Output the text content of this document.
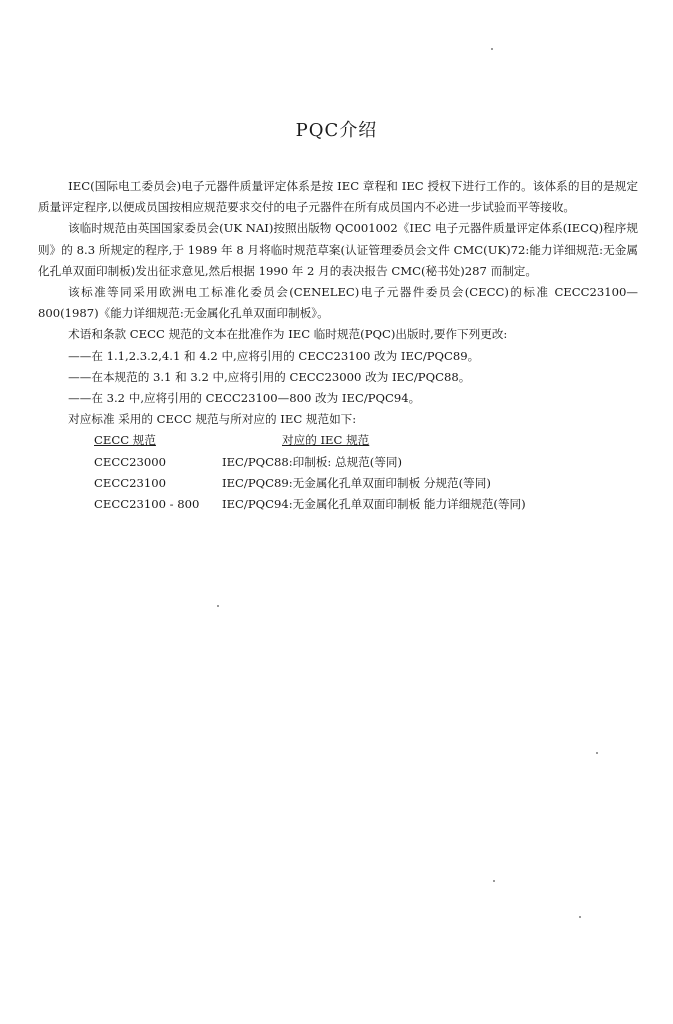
PQC介绍

IEC(国际电工委员会)电子元器件质量评定体系是按 IEC 章程和 IEC 授权下进行工作的。该体系的目的是规定质量评定程序,以便成员国按相应规范要求交付的电子元器件在所有成员国内不必进一步试验而平等接收。

该临时规范由英国国家委员会(UK NAI)按照出版物 QC001002《IEC 电子元器件质量评定体系(IECQ)程序规则》的 8.3 所规定的程序,于 1989 年 8 月将临时规范草案(认证管理委员会文件 CMC(UK)72:能力详细规范:无金属化孔单双面印制板)发出征求意见,然后根据 1990 年 2 月的表决报告 CMC(秘书处)287 而制定。

该标准等同采用欧洲电工标准化委员会(CENELEC)电子元器件委员会(CECC)的标准 CECC23100—800(1987)《能力详细规范:无金属化孔单双面印制板》。

术语和条款 CECC 规范的文本在批准作为 IEC 临时规范(PQC)出版时,要作下列更改:

——在 1.1,2.3.2,4.1 和 4.2 中,应将引用的 CECC23100 改为 IEC/PQC89。

——在本规范的 3.1 和 3.2 中,应将引用的 CECC23000 改为 IEC/PQC88。

——在 3.2 中,应将引用的 CECC23100—800 改为 IEC/PQC94。

对应标准 采用的 CECC 规范与所对应的 IEC 规范如下:

CECC 规范	对应的 IEC 规范
CECC23000	IEC/PQC88:印制板: 总规范(等同)
CECC23100	IEC/PQC89:无金属化孔单双面印制板 分规范(等同)
CECC23100 - 800	IEC/PQC94:无金属化孔单双面印制板 能力详细规范(等同)
